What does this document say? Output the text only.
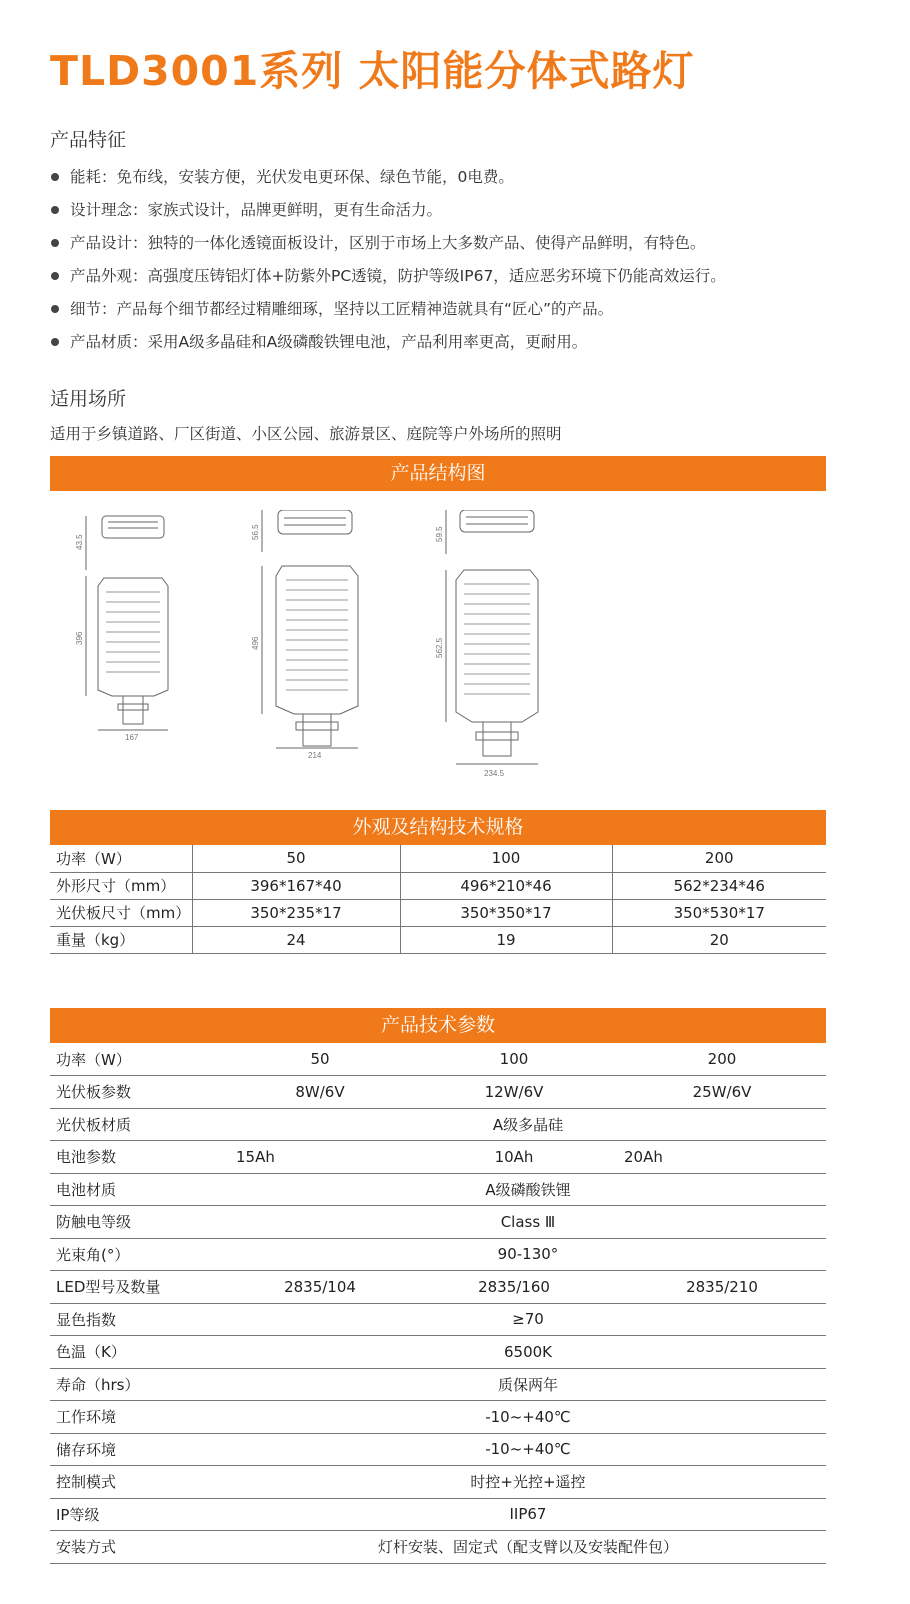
TLD3001系列 太阳能分体式路灯
产品特征
能耗：免布线，安装方便，光伏发电更环保、绿色节能，0电费。
设计理念：家族式设计，品牌更鲜明，更有生命活力。
产品设计：独特的一体化透镜面板设计，区别于市场上大多数产品、使得产品鲜明，有特色。
产品外观：高强度压铸铝灯体+防紫外PC透镜，防护等级IP67，适应恶劣环境下仍能高效运行。
细节：产品每个细节都经过精雕细琢，坚持以工匠精神造就具有“匠心”的产品。
产品材质：采用A级多晶硅和A级磷酸铁锂电池，产品利用率更高，更耐用。
适用场所
适用于乡镇道路、厂区街道、小区公园、旅游景区、庭院等户外场所的照明
产品结构图
43.5
396
167
56.5
496
214
59.5
562.5
234.5
外观及结构技术规格
功率（W）	50	100	200
外形尺寸（mm）	396*167*40	496*210*46	562*234*46
光伏板尺寸（mm）	350*235*17	350*350*17	350*530*17
重量（kg）	24	19	20
产品技术参数
功率（W）	50	100	200
光伏板参数	8W/6V	12W/6V	25W/6V
光伏板材质	A级多晶硅		
电池参数	15Ah	10Ah	20Ah
电池材质	A级磷酸铁锂		
防触电等级	Class Ⅲ		
光束角(°）	90-130°		
LED型号及数量	2835/104	2835/160	2835/210
显色指数	≥70		
色温（K）	6500K		
寿命（hrs）	质保两年		
工作环境	-10~+40℃		
储存环境	-10~+40℃		
控制模式	时控+光控+遥控		
IP等级	IIP67		
安装方式	灯杆安装、固定式（配支臂以及安装配件包）		
